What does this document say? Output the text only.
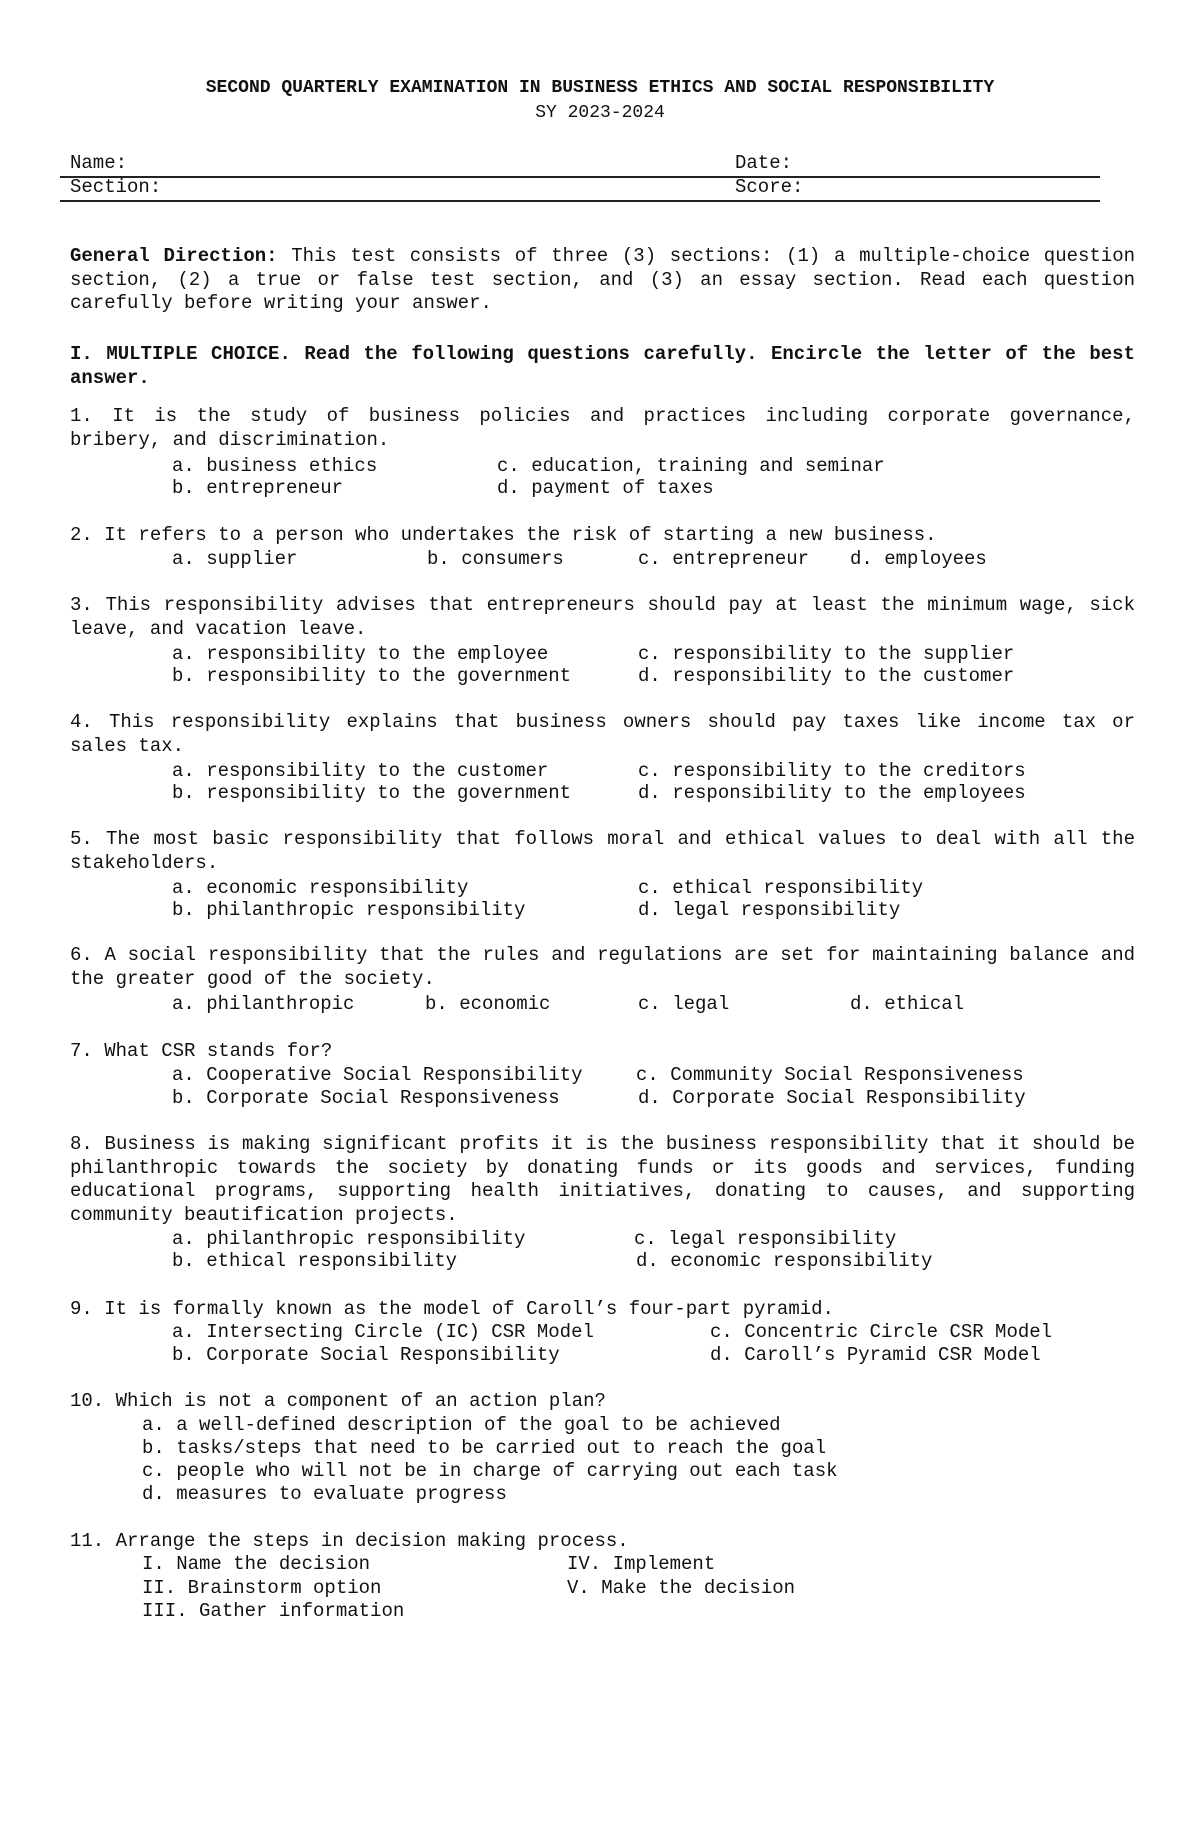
SECOND QUARTERLY EXAMINATION IN BUSINESS ETHICS AND SOCIAL RESPONSIBILITY
SY 2023-2024
Name:	Date:
Section:	Score:
General Direction: This test consists of three (3) sections: (1) a multiple-choice question section, (2) a true or false test section, and (3) an essay section. Read each question carefully before writing your answer.
I. MULTIPLE CHOICE. Read the following questions carefully. Encircle the letter of the best answer.
1. It is the study of business policies and practices including corporate governance, bribery, and discrimination.
a. business ethics	c. education, training and seminar
b. entrepreneur	d. payment of taxes
2. It refers to a person who undertakes the risk of starting a new business.
a. supplier	b. consumers	c. entrepreneur d. employees
3. This responsibility advises that entrepreneurs should pay at least the minimum wage, sick leave, and vacation leave.
a. responsibility to the employee	c. responsibility to the supplier
b. responsibility to the government	d. responsibility to the customer
4. This responsibility explains that business owners should pay taxes like income tax or sales tax.
a. responsibility to the customer	c. responsibility to the creditors
b. responsibility to the government	d. responsibility to the employees
5. The most basic responsibility that follows moral and ethical values to deal with all the stakeholders.
a. economic responsibility	c. ethical responsibility
b. philanthropic responsibility	d. legal responsibility
6. A social responsibility that the rules and regulations are set for maintaining balance and the greater good of the society.
a. philanthropic	b. economic	c. legal	d. ethical
7. What CSR stands for?
a. Cooperative Social Responsibility	c. Community Social Responsiveness
b. Corporate Social Responsiveness	d. Corporate Social Responsibility
8. Business is making significant profits it is the business responsibility that it should be philanthropic towards the society by donating funds or its goods and services, funding educational programs, supporting health initiatives, donating to causes, and supporting community beautification projects.
a. philanthropic responsibility	c. legal responsibility
b. ethical responsibility	d. economic responsibility
9. It is formally known as the model of Caroll’s four-part pyramid.
a. Intersecting Circle (IC) CSR Model	c. Concentric Circle CSR Model
b. Corporate Social Responsibility	d. Caroll’s Pyramid CSR Model
10. Which is not a component of an action plan?
a. a well-defined description of the goal to be achieved
b. tasks/steps that need to be carried out to reach the goal
c. people who will not be in charge of carrying out each task
d. measures to evaluate progress
11. Arrange the steps in decision making process.
I. Name the decision	IV. Implement
II. Brainstorm option	V. Make the decision
III. Gather information
